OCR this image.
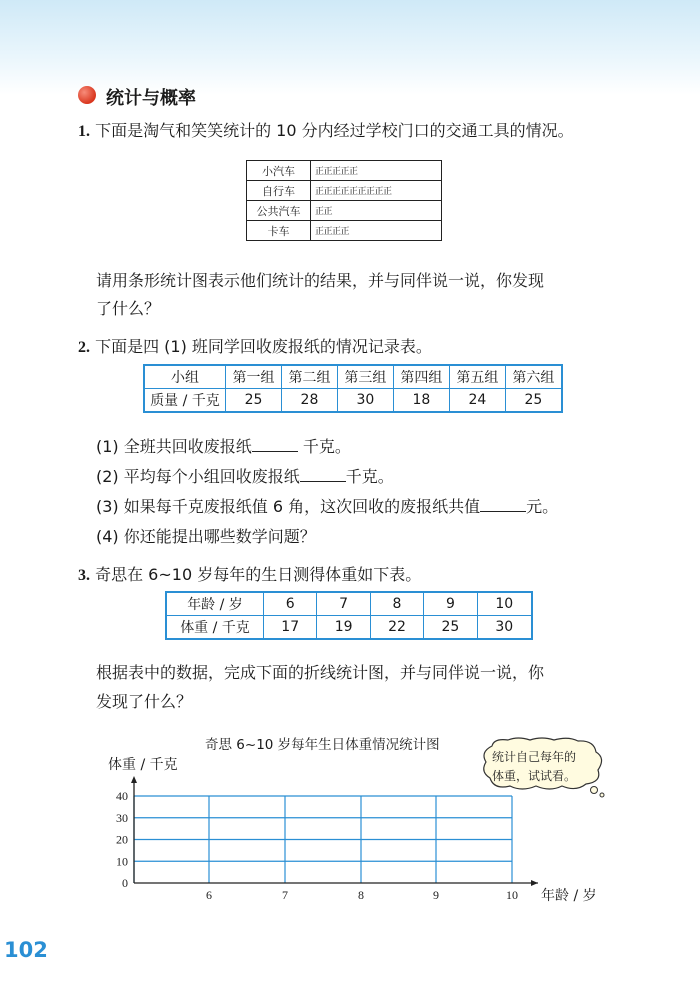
统计与概率
1. 下面是淘气和笑笑统计的 10 分内经过学校门口的交通工具的情况。
小汽车	正正正正正
自行车	正正正正正正正正正
公共汽车	正正
卡车	正正正正
请用条形统计图表示他们统计的结果，并与同伴说一说，你发现
了什么？
2. 下面是四 (1) 班同学回收废报纸的情况记录表。
小组	第一组	第二组	第三组	第四组	第五组	第六组
质量 / 千克	25	28	30	18	24	25
(1) 全班共回收废报纸	千克。
(2) 平均每个小组回收废报纸	千克。
(3) 如果每千克废报纸值 6 角，这次回收的废报纸共值	元。
(4) 你还能提出哪些数学问题？
3. 奇思在 6~10 岁每年的生日测得体重如下表。
年龄 / 岁	6	7	8	9	10
体重 / 千克	17	19	22	25	30
根据表中的数据，完成下面的折线统计图，并与同伴说一说，你
发现了什么？
奇思 6~10 岁每年生日体重情况统计图
体重 / 千克
0
10
20
30
40
6	7	8	9	10 年龄 / 岁
统计自己每年的
体重，试试看。
102
